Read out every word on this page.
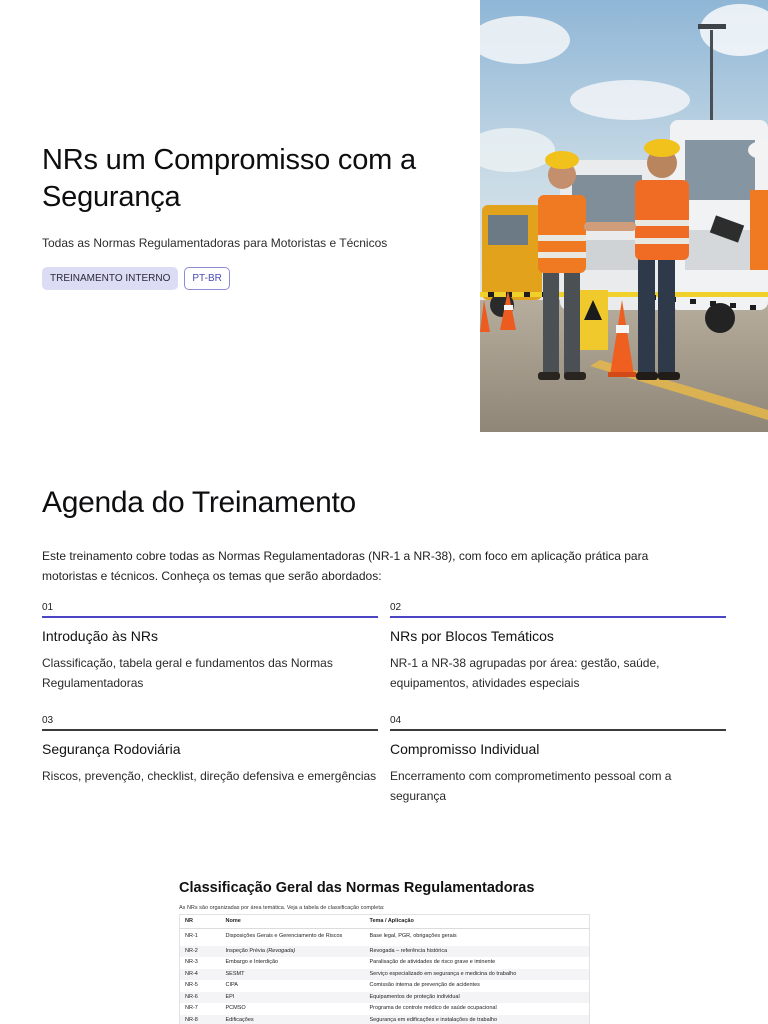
NRs um Compromisso com a Segurança

Todas as Normas Regulamentadoras para Motoristas e Técnicos

TREINAMENTO INTERNO	PT-BR
Agenda do Treinamento

Este treinamento cobre todas as Normas Regulamentadoras (NR-1 a NR-38), com foco em aplicação prática para motoristas e técnicos. Conheça os temas que serão abordados:

01
Introdução às NRs
Classificação, tabela geral e fundamentos das Normas Regulamentadoras
02
NRs por Blocos Temáticos
NR-1 a NR-38 agrupadas por área: gestão, saúde, equipamentos, atividades especiais
03
Segurança Rodoviária
Riscos, prevenção, checklist, direção defensiva e emergências
04
Compromisso Individual
Encerramento com comprometimento pessoal com a segurança
Classificação Geral das Normas Regulamentadoras

As NRs são organizadas por área temática. Veja a tabela de classificação completa:

NR	Nome	Tema / Aplicação
NR-1	Disposições Gerais e Gerenciamento de Riscos	Base legal, PGR, obrigações gerais
NR-2	Inspeção Prévia (Revogada)	Revogada – referência histórica
NR-3	Embargo e Interdição	Paralisação de atividades de risco grave e iminente
NR-4	SESMT	Serviço especializado em segurança e medicina do trabalho
NR-5	CIPA	Comissão interna de prevenção de acidentes
NR-6	EPI	Equipamentos de proteção individual
NR-7	PCMSO	Programa de controle médico de saúde ocupacional
NR-8	Edificações	Segurança em edificações e instalações de trabalho
